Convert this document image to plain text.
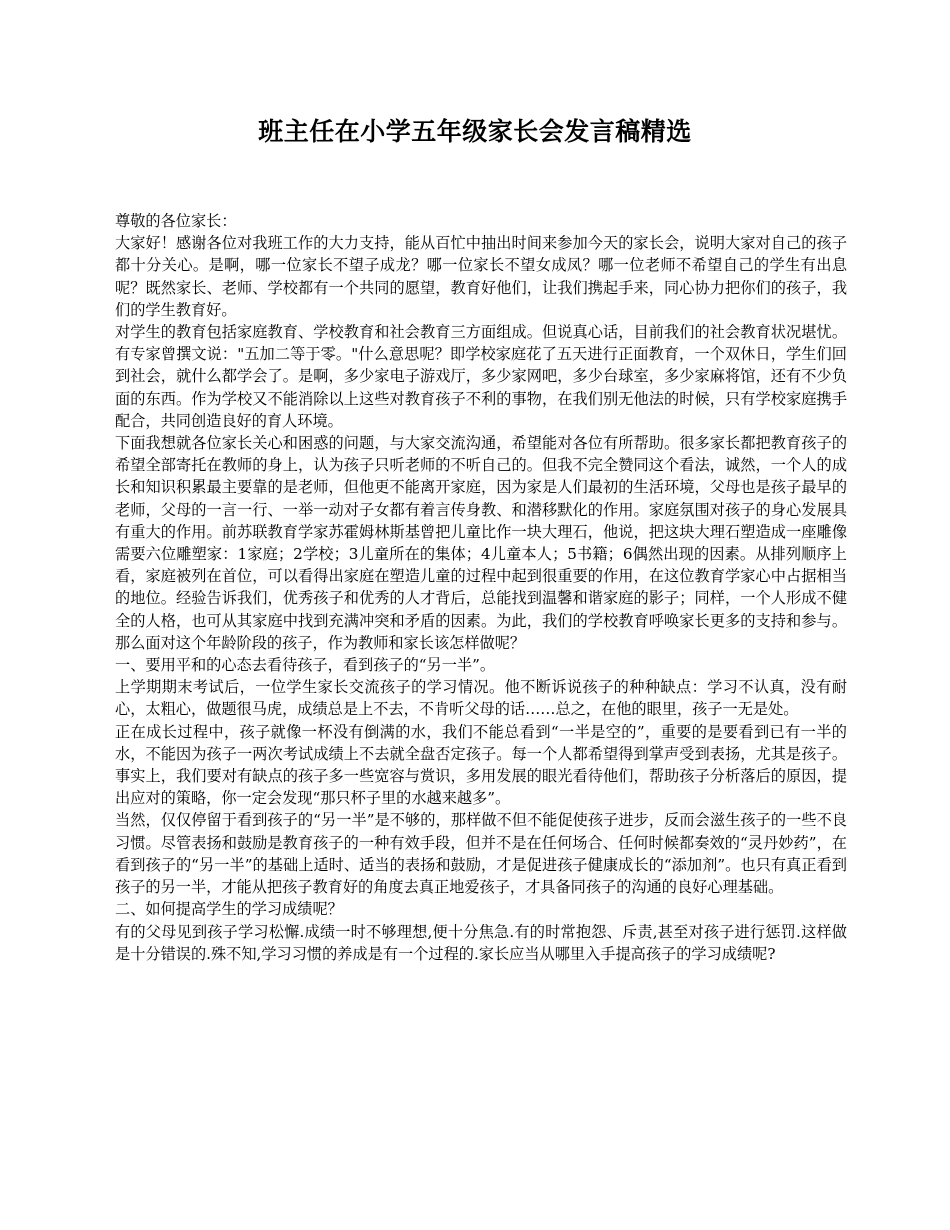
班主任在小学五年级家长会发言稿精选

尊敬的各位家长：

大家好！感谢各位对我班工作的大力支持，能从百忙中抽出时间来参加今天的家长会，说明大家对自己的孩子都十分关心。是啊，哪一位家长不望子成龙？哪一位家长不望女成凤？哪一位老师不希望自己的学生有出息呢？既然家长、老师、学校都有一个共同的愿望，教育好他们，让我们携起手来，同心协力把你们的孩子，我们的学生教育好。

对学生的教育包括家庭教育、学校教育和社会教育三方面组成。但说真心话，目前我们的社会教育状况堪忧。有专家曾撰文说："五加二等于零。"什么意思呢？即学校家庭花了五天进行正面教育，一个双休日，学生们回到社会，就什么都学会了。是啊，多少家电子游戏厅，多少家网吧，多少台球室，多少家麻将馆，还有不少负面的东西。作为学校又不能消除以上这些对教育孩子不利的事物，在我们别无他法的时候，只有学校家庭携手配合，共同创造良好的育人环境。

下面我想就各位家长关心和困惑的问题，与大家交流沟通，希望能对各位有所帮助。很多家长都把教育孩子的希望全部寄托在教师的身上，认为孩子只听老师的不听自己的。但我不完全赞同这个看法，诚然，一个人的成长和知识积累最主要靠的是老师，但他更不能离开家庭，因为家是人们最初的生活环境，父母也是孩子最早的老师，父母的一言一行、一举一动对子女都有着言传身教、和潜移默化的作用。家庭氛围对孩子的身心发展具有重大的作用。前苏联教育学家苏霍姆林斯基曾把儿童比作一块大理石，他说，把这块大理石塑造成一座雕像需要六位雕塑家：1家庭；2学校；3儿童所在的集体；4儿童本人；5书籍；6偶然出现的因素。从排列顺序上看，家庭被列在首位，可以看得出家庭在塑造儿童的过程中起到很重要的作用，在这位教育学家心中占据相当的地位。经验告诉我们，优秀孩子和优秀的人才背后，总能找到温馨和谐家庭的影子；同样，一个人形成不健全的人格，也可从其家庭中找到充满冲突和矛盾的因素。为此，我们的学校教育呼唤家长更多的支持和参与。那么面对这个年龄阶段的孩子，作为教师和家长该怎样做呢？

一、要用平和的心态去看待孩子，看到孩子的“另一半”。

上学期期末考试后，一位学生家长交流孩子的学习情况。他不断诉说孩子的种种缺点：学习不认真，没有耐心，太粗心，做题很马虎，成绩总是上不去，不肯听父母的话……总之，在他的眼里，孩子一无是处。

正在成长过程中，孩子就像一杯没有倒满的水，我们不能总看到“一半是空的”，重要的是要看到已有一半的水，不能因为孩子一两次考试成绩上不去就全盘否定孩子。每一个人都希望得到掌声受到表扬，尤其是孩子。事实上，我们要对有缺点的孩子多一些宽容与赏识，多用发展的眼光看待他们，帮助孩子分析落后的原因，提出应对的策略，你一定会发现“那只杯子里的水越来越多”。

当然，仅仅停留于看到孩子的“另一半”是不够的，那样做不但不能促使孩子进步，反而会滋生孩子的一些不良习惯。尽管表扬和鼓励是教育孩子的一种有效手段，但并不是在任何场合、任何时候都奏效的“灵丹妙药”，在看到孩子的“另一半”的基础上适时、适当的表扬和鼓励，才是促进孩子健康成长的“添加剂”。也只有真正看到孩子的另一半，才能从把孩子教育好的角度去真正地爱孩子，才具备同孩子的沟通的良好心理基础。

二、如何提高学生的学习成绩呢？

有的父母见到孩子学习松懈.成绩一时不够理想,便十分焦急.有的时常抱怨、斥责,甚至对孩子进行惩罚.这样做是十分错误的.殊不知,学习习惯的养成是有一个过程的.家长应当从哪里入手提高孩子的学习成绩呢?
